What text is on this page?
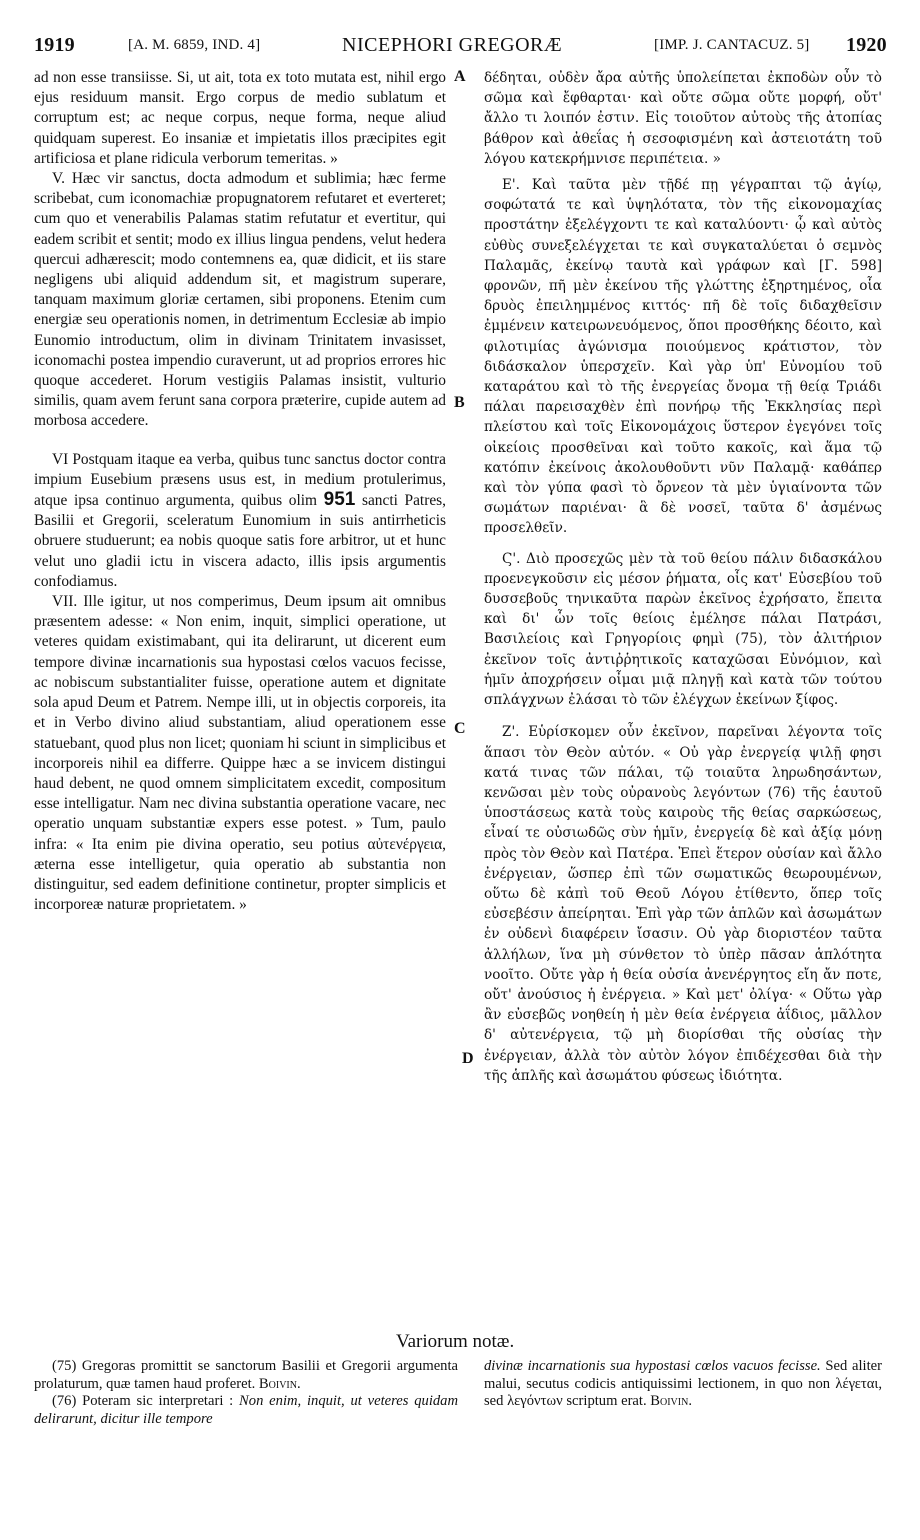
1919	[A. M. 6859, IND. 4]	NICEPHORI GREGORÆ	[IMP. J. CANTACUZ. 5] 1920

ad non esse transiisse. Si, ut ait, tota ex toto mutata est, nihil ergo ejus residuum mansit. Ergo corpus de medio sublatum et corruptum est; ac neque corpus, neque forma, neque aliud quidquam superest. Eo insaniæ et impietatis illos præcipites egit artificiosa et plane ridicula verborum temeritas. »

V. Hæc vir sanctus, docta admodum et sublimia; hæc ferme scribebat, cum iconomachiæ propugnatorem refutaret et everteret; cum quo et venerabilis Palamas statim refutatur et evertitur, qui eadem scribit et sentit; modo ex illius lingua pendens, velut hedera quercui adhærescit; modo contemnens ea, quæ didicit, et iis stare negligens ubi aliquid addendum sit, et magistrum superare, tanquam maximum gloriæ certamen, sibi proponens. Etenim cum energiæ seu operationis nomen, in detrimentum Ecclesiæ ab impio Eunomio introductum, olim in divinam Trinitatem invasisset, iconomachi postea impendio curaverunt, ut ad proprios errores hic quoque accederet. Horum vestigiis Palamas insistit, vulturio similis, quam avem ferunt sana corpora præterire, cupide autem ad morbosa accedere.

VI Postquam itaque ea verba, quibus tunc sanctus doctor contra impium Eusebium præsens usus est, in medium protulerimus, atque ipsa continuo argumenta, quibus olim 951 sancti Patres, Basilii et Gregorii, sceleratum Eunomium in suis antirrheticis obruere studuerunt; ea nobis quoque satis fore arbitror, ut et hunc velut uno gladii ictu in viscera adacto, illis ipsis argumentis confodiamus.

VII. Ille igitur, ut nos comperimus, Deum ipsum ait omnibus præsentem adesse: « Non enim, inquit, simplici operatione, ut veteres quidam existimabant, qui ita delirarunt, ut dicerent eum tempore divinæ incarnationis sua hypostasi cœlos vacuos fecisse, ac nobiscum substantialiter fuisse, operatione autem et dignitate sola apud Deum et Patrem. Nempe illi, ut in objectis corporeis, ita et in Verbo divino aliud substantiam, aliud operationem esse statuebant, quod plus non licet; quoniam hi sciunt in simplicibus et incorporeis nihil ea differre. Quippe hæc a se invicem distingui haud debent, ne quod omnem simplicitatem excedit, compositum esse intelligatur. Nam nec divina substantia operatione vacare, nec operatio unquam substantiæ expers esse potest. » Tum, paulo infra: « Ita enim pie divina operatio, seu potius αὐτενέργεια, æterna esse intelligetur, quia operatio ab substantia non distinguitur, sed eadem definitione continetur, propter simplicis et incorporeæ naturæ proprietatem. »

A
B
C
D

δέδηται, οὐδὲν ἄρα αὐτῆς ὑπολείπεται ἐκποδὼν οὖν τὸ σῶμα καὶ ἔφθαρται· καὶ οὔτε σῶμα οὔτε μορφή, οὔτ' ἄλλο τι λοιπόν ἐστιν. Εἰς τοιοῦτον αὐτοὺς τῆς ἀτοπίας βάθρον καὶ ἀθεΐας ἡ σεσοφισμένη καὶ ἀστειοτάτη τοῦ λόγου κατεκρήμνισε περιπέτεια. »

Ε'. Καὶ ταῦτα μὲν τῇδέ πῃ γέγραπται τῷ ἁγίῳ, σοφώτατά τε καὶ ὑψηλότατα, τὸν τῆς εἰκονομαχίας προστάτην ἐξελέγχοντι τε καὶ καταλύοντι· ᾧ καὶ αὐτὸς εὐθὺς συνεξελέγχεται τε καὶ συγκαταλύεται ὁ σεμνὸς Παλαμᾶς, ἐκείνῳ ταυτὰ καὶ γράφων καὶ [Γ. 598] φρονῶν, πῆ μὲν ἐκείνου τῆς γλώττης ἐξηρτημένος, οἷα δρυὸς ἐπειλημμένος κιττός· πῆ δὲ τοῖς διδαχθεῖσιν ἐμμένειν κατειρωνευόμενος, ὅποι προσθήκης δέοιτο, καὶ φιλοτιμίας ἀγώνισμα ποιούμενος κράτιστον, τὸν διδάσκαλον ὑπερσχεῖν. Καὶ γὰρ ὑπ' Εὐνομίου τοῦ καταράτου καὶ τὸ τῆς ἐνεργείας ὄνομα τῇ θείᾳ Τριάδι πάλαι παρεισαχθὲν ἐπὶ πονήρῳ τῆς Ἐκκλησίας περὶ πλείστου καὶ τοῖς Εἰκονομάχοις ὕστερον ἐγεγόνει τοῖς οἰκείοις προσθεῖναι καὶ τοῦτο κακοῖς, καὶ ἅμα τῷ κατόπιν ἐκείνοις ἀκολουθοῦντι νῦν Παλαμᾷ· καθάπερ καὶ τὸν γύπα φασὶ τὸ ὄρνεον τὰ μὲν ὑγιαίνοντα τῶν σωμάτων παριέναι· ἃ δὲ νοσεῖ, ταῦτα δ' ἀσμένως προσελθεῖν.

Ϛ'. Διὸ προσεχῶς μὲν τὰ τοῦ θείου πάλιν διδασκάλου προενεγκοῦσιν εἰς μέσον ῥήματα, οἷς κατ' Εὐσεβίου τοῦ δυσσεβοῦς τηνικαῦτα παρὼν ἐκεῖνος ἐχρήσατο, ἔπειτα καὶ δι' ὧν τοῖς θείοις ἐμέλησε πάλαι Πατράσι, Βασιλείοις καὶ Γρηγορίοις φημὶ (75), τὸν ἀλιτήριον ἐκεῖνον τοῖς ἀντιῤῥητικοῖς καταχῶσαι Εὐνόμιον, καὶ ἡμῖν ἀποχρήσειν οἶμαι μιᾷ πληγῇ καὶ κατὰ τῶν τούτου σπλάγχνων ἐλάσαι τὸ τῶν ἐλέγχων ἐκείνων ξίφος.

Ζ'. Εὑρίσκομεν οὖν ἐκεῖνον, παρεῖναι λέγοντα τοῖς ἅπασι τὸν Θεὸν αὐτόν. « Οὐ γὰρ ἐνεργείᾳ ψιλῇ φησι κατά τινας τῶν πάλαι, τῷ τοιαῦτα ληρωδησάντων, κενῶσαι μὲν τοὺς οὐρανοὺς λεγόντων (76) τῆς ἑαυτοῦ ὑποστάσεως κατὰ τοὺς καιροὺς τῆς θείας σαρκώσεως, εἶναί τε οὐσιωδῶς σὺν ἡμῖν, ἐνεργείᾳ δὲ καὶ ἀξίᾳ μόνῃ πρὸς τὸν Θεὸν καὶ Πατέρα. Ἐπεὶ ἕτερον οὐσίαν καὶ ἄλλο ἐνέργειαν, ὥσπερ ἐπὶ τῶν σωματικῶς θεωρουμένων, οὕτω δὲ κἀπὶ τοῦ Θεοῦ Λόγου ἐτίθεντο, ὅπερ τοῖς εὐσεβέσιν ἀπείρηται. Ἐπὶ γὰρ τῶν ἁπλῶν καὶ ἀσωμάτων ἐν οὐδενὶ διαφέρειν ἴσασιν. Οὐ γὰρ διοριστέον ταῦτα ἀλλήλων, ἵνα μὴ σύνθετον τὸ ὑπὲρ πᾶσαν ἁπλότητα νοοῖτο. Οὔτε γὰρ ἡ θεία οὐσία ἀνενέργητος εἴη ἄν ποτε, οὔτ' ἀνούσιος ἡ ἐνέργεια. » Καὶ μετ' ὀλίγα· « Οὕτω γὰρ ἂν εὐσεβῶς νοηθείη ἡ μὲν θεία ἐνέργεια ἀΐδιος, μᾶλλον δ' αὐτενέργεια, τῷ μὴ διορίσθαι τῆς οὐσίας τὴν ἐνέργειαν, ἀλλὰ τὸν αὐτὸν λόγον ἐπιδέχεσθαι διὰ τὴν τῆς ἁπλῆς καὶ ἀσωμάτου φύσεως ἰδιότητα.

Variorum notæ.

(75) Gregoras promittit se sanctorum Basilii et Gregorii argumenta prolaturum, quæ tamen haud proferet. Boivin.

(76) Poteram sic interpretari : Non enim, inquit, ut veteres quidam delirarunt, dicitur ille tempore

divinæ incarnationis sua hypostasi cœlos vacuos fecisse. Sed aliter malui, secutus codicis antiquissimi lectionem, in quo non λέγεται, sed λεγόντων scriptum erat. Boivin.
